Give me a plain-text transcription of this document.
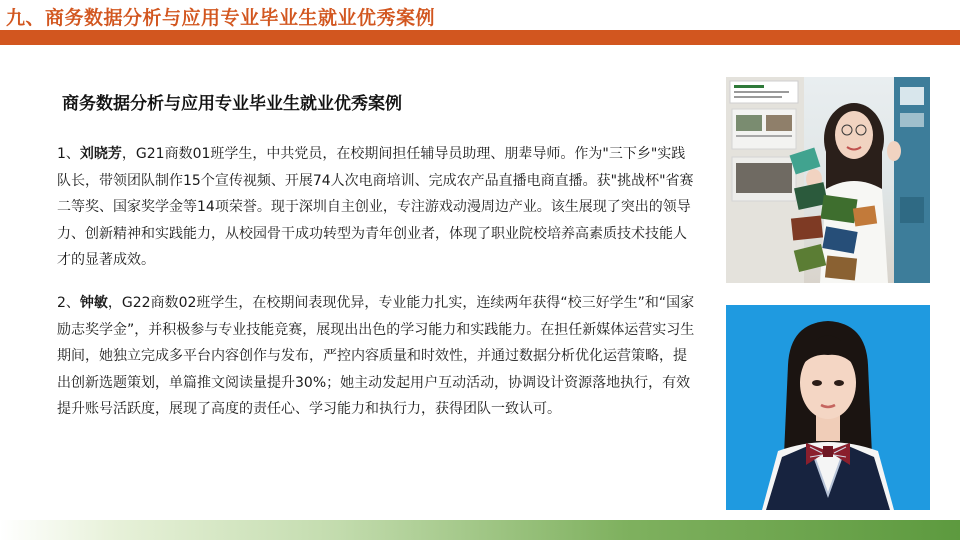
九、商务数据分析与应用专业毕业生就业优秀案例
商务数据分析与应用专业毕业生就业优秀案例

1、刘晓芳，G21商数01班学生，中共党员，在校期间担任辅导员助理、朋辈导师。作为"三下乡"实践队长，带领团队制作15个宣传视频、开展74人次电商培训、完成农产品直播电商直播。获"挑战杯"省赛二等奖、国家奖学金等14项荣誉。现于深圳自主创业，专注游戏动漫周边产业。该生展现了突出的领导力、创新精神和实践能力，从校园骨干成功转型为青年创业者，体现了职业院校培养高素质技术技能人才的显著成效。

2、钟敏，G22商数02班学生，在校期间表现优异，专业能力扎实，连续两年获得“校三好学生”和“国家励志奖学金”，并积极参与专业技能竞赛，展现出出色的学习能力和实践能力。在担任新媒体运营实习生期间，她独立完成多平台内容创作与发布，严控内容质量和时效性，并通过数据分析优化运营策略，提出创新选题策划，单篇推文阅读量提升30%；她主动发起用户互动活动，协调设计资源落地执行，有效提升账号活跃度，展现了高度的责任心、学习能力和执行力，获得团队一致认可。
